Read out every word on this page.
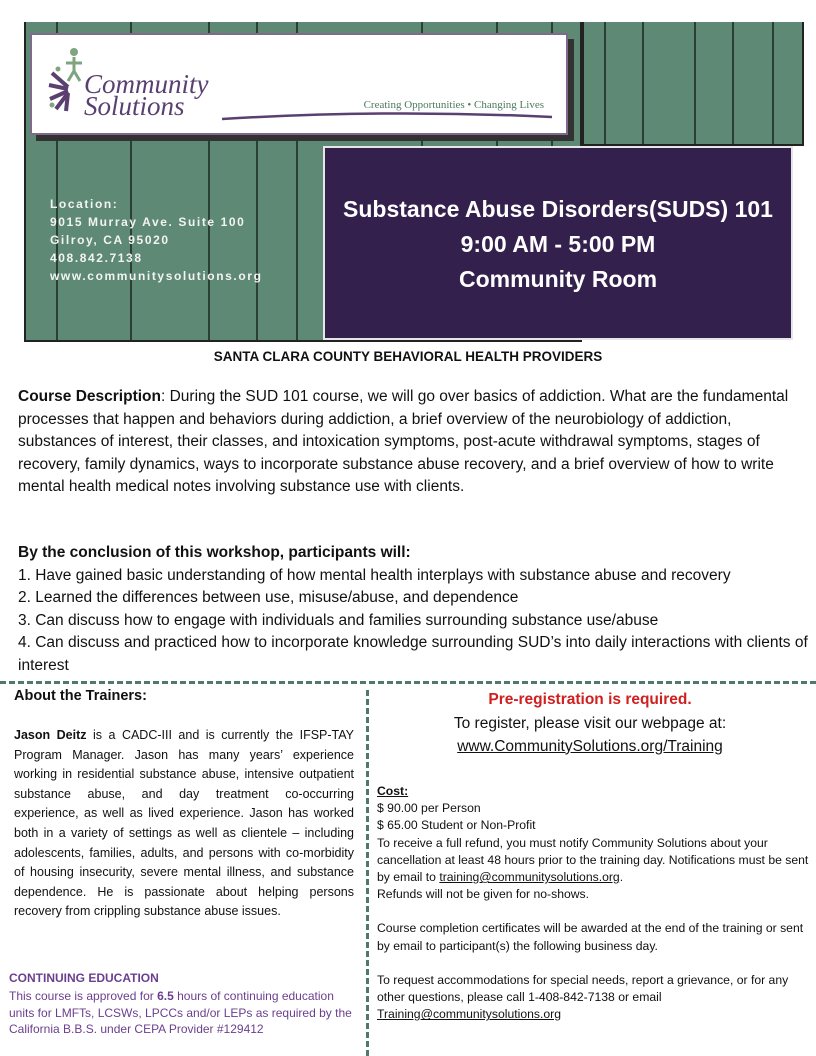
Community
Solutions	Creating Opportunities • Changing Lives
Location:
9015 Murray Ave. Suite 100
Gilroy, CA 95020
408.842.7138
www.communitysolutions.org
Substance Abuse Disorders(SUDS) 101
9:00 AM - 5:00 PM
Community Room
SANTA CLARA COUNTY BEHAVIORAL HEALTH PROVIDERS
Course Description: During the SUD 101 course, we will go over basics of addiction. What are the fundamental processes that happen and behaviors during addiction, a brief overview of the neurobiology of addiction, substances of interest, their classes, and intoxication symptoms, post-acute withdrawal symptoms, stages of recovery, family dynamics, ways to incorporate substance abuse recovery, and a brief overview of how to write mental health medical notes involving substance use with clients.
By the conclusion of this workshop, participants will:
1. Have gained basic understanding of how mental health interplays with substance abuse and recovery
2. Learned the differences between use, misuse/abuse, and dependence
3. Can discuss how to engage with individuals and families surrounding substance use/abuse
4. Can discuss and practiced how to incorporate knowledge surrounding SUD’s into daily interactions with clients of interest
About the Trainers:
Jason Deitz is a CADC-III and is currently the IFSP-TAY Program Manager. Jason has many years’ experience working in residential substance abuse, intensive outpatient substance abuse, and day treatment co-occurring experience, as well as lived experience. Jason has worked both in a variety of settings as well as clientele – including adolescents, families, adults, and persons with co-morbidity of housing insecurity, severe mental illness, and substance dependence. He is passionate about helping persons recovery from crippling substance abuse issues.
CONTINUING EDUCATION
This course is approved for 6.5 hours of continuing education units for LMFTs, LCSWs, LPCCs and/or LEPs as required by the California B.B.S. under CEPA Provider #129412
Pre-registration is required.
To register, please visit our webpage at:
www.CommunitySolutions.org/Training

Cost:

$ 90.00 per Person

$ 65.00 Student or Non-Profit

To receive a full refund, you must notify Community Solutions about your cancellation at least 48 hours prior to the training day. Notifications must be sent by email to training@communitysolutions.org.

Refunds will not be given for no-shows.

Course completion certificates will be awarded at the end of the training or sent by email to participant(s) the following business day.

To request accommodations for special needs, report a grievance, or for any other questions, please call 1-408-842-7138 or email Training@communitysolutions.org
